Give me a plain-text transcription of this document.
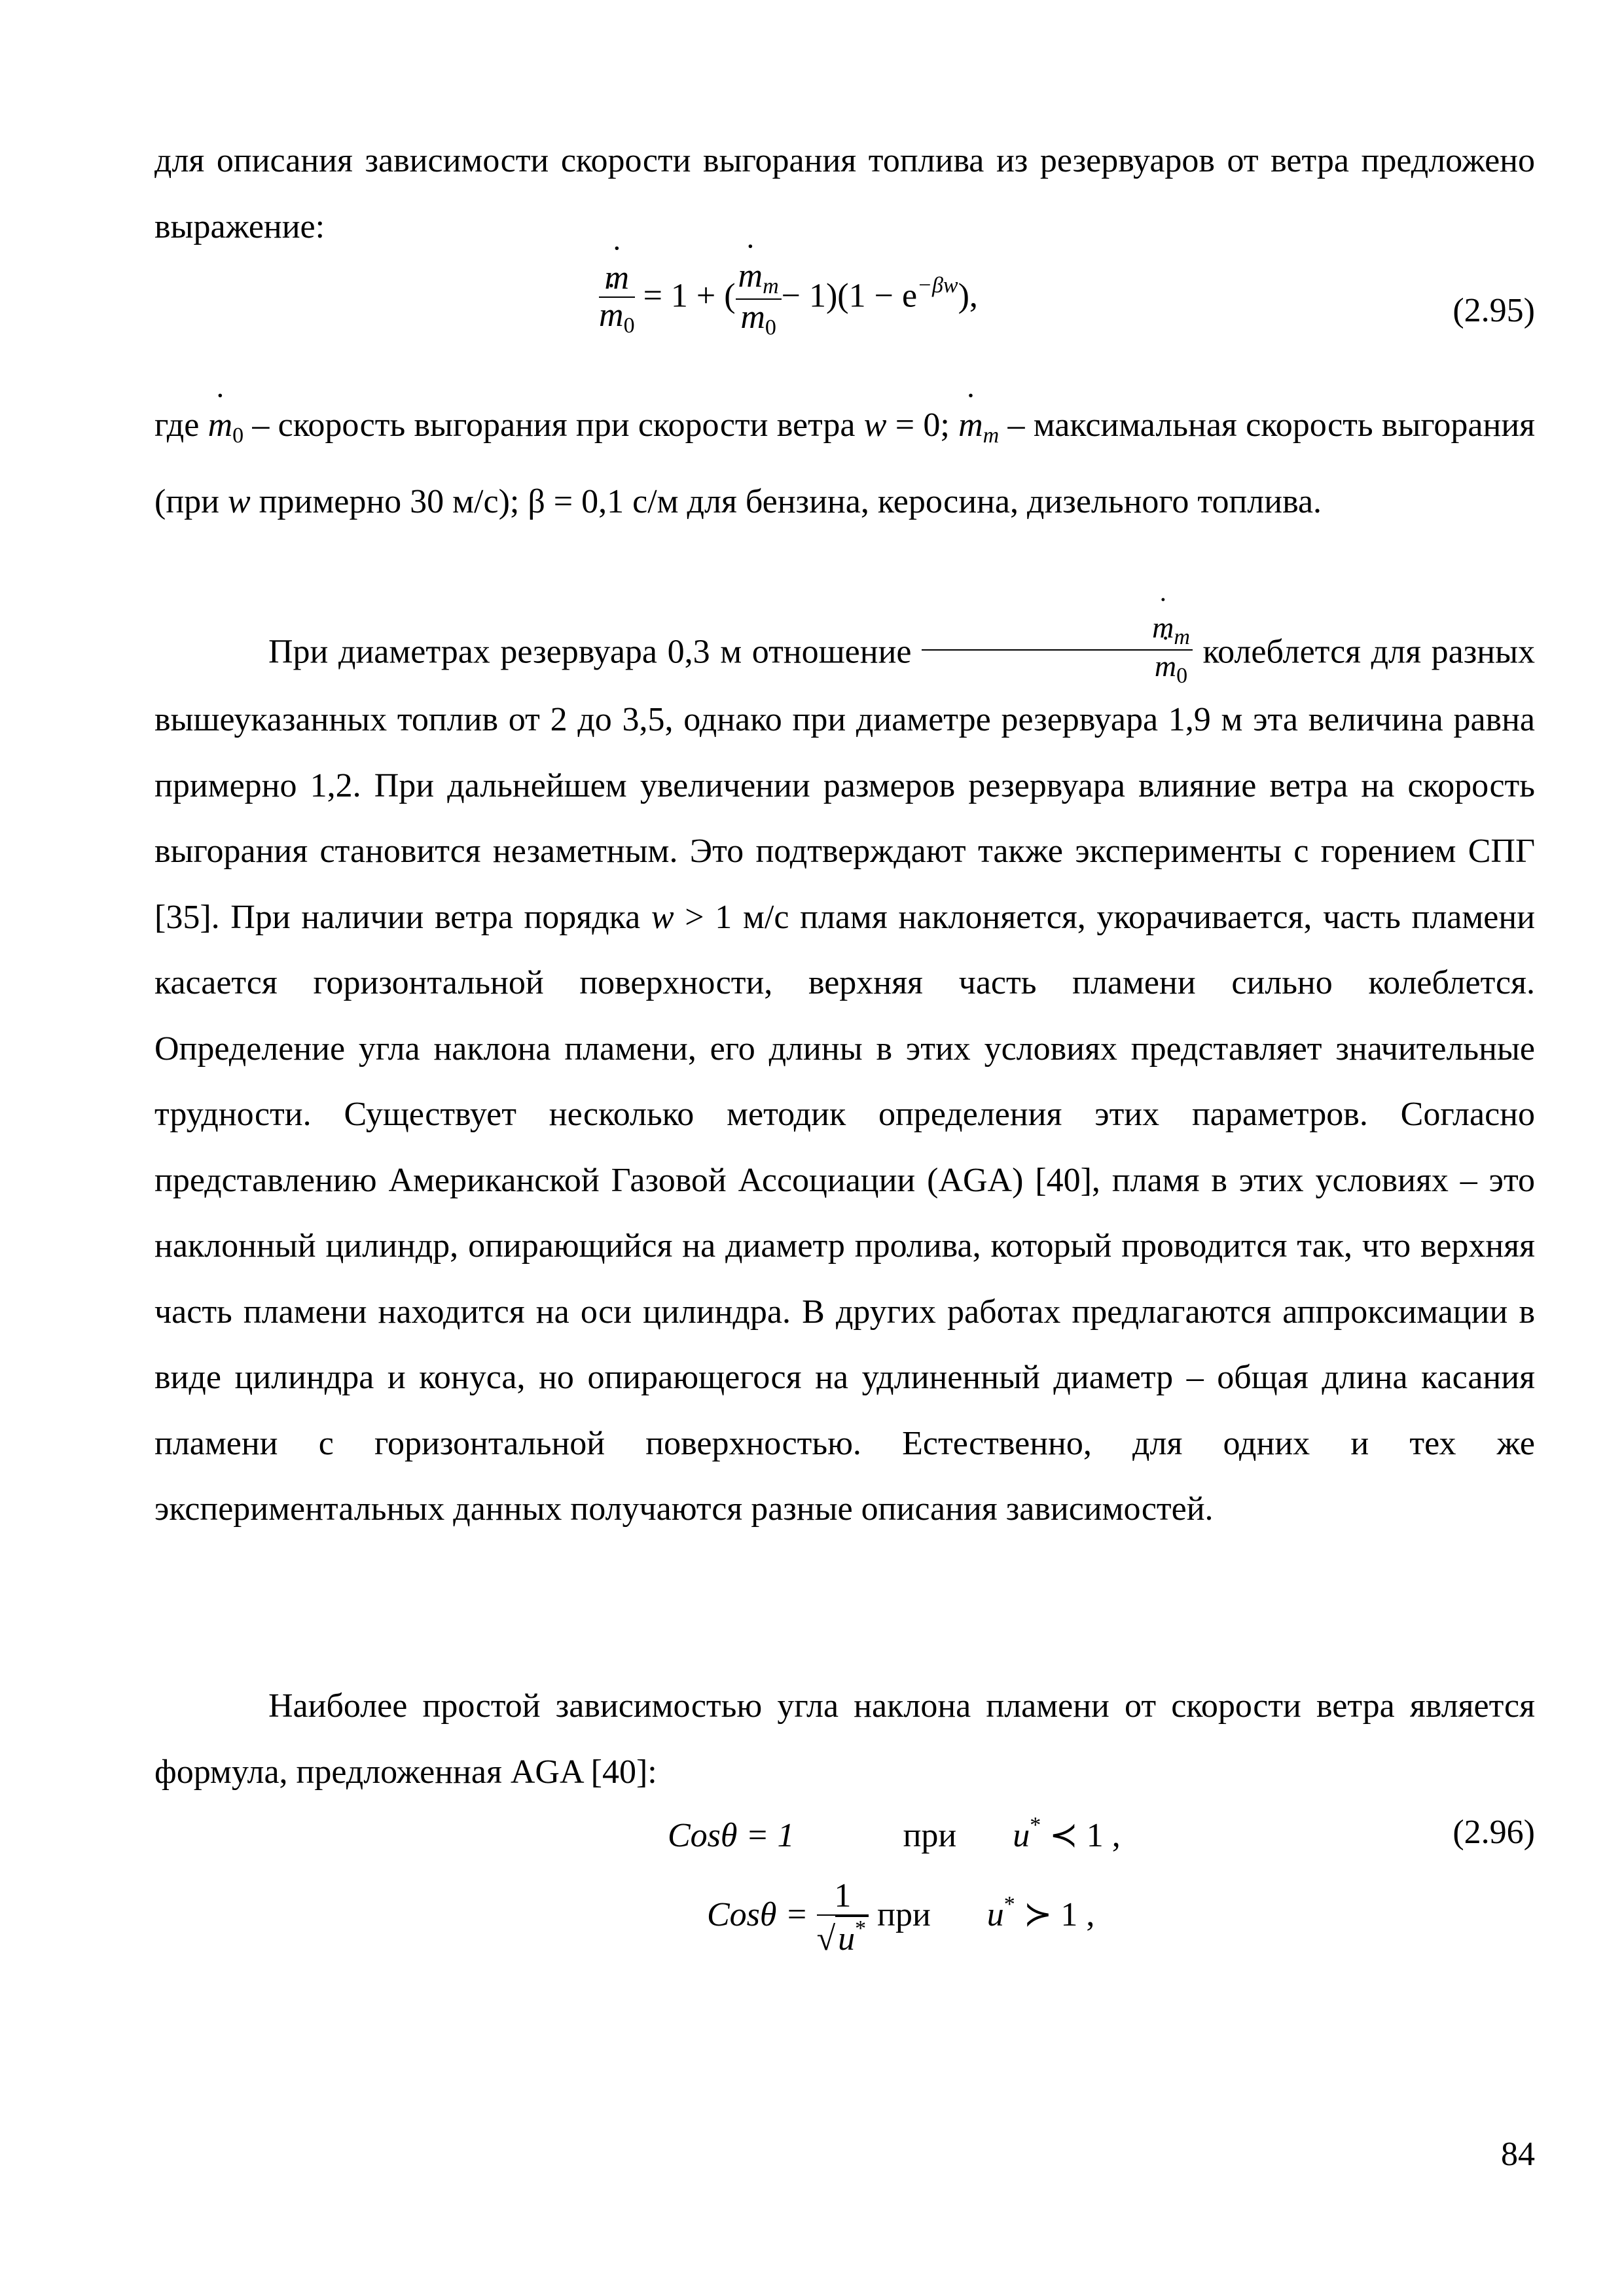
для описания зависимости скорости выгорания топлива из резервуаров от ветра предложено выражение:

˙ m
˙ $m_0 = 1$ + ( ˙ $\frac{m_m}{m_0} - 1)(1 - e^{-\beta w})$,	(2.95)

где ˙ $m_0$ – скорость выгорания при скорости ветра w = 0; ˙ $m_m$ – максимальная скорость выгорания (при w примерно 30 м/с); β = 0,1 с/м для бензина, керосина, дизельного топлива.

При диаметрах резервуара 0,3 м отношение ˙ $m_m$
˙ $m_0$ колеблется для разных вышеуказанных топлив от 2 до 3,5, однако при диаметре резервуара 1,9 м эта величина равна примерно 1,2. При дальнейшем увеличении размеров резервуара влияние ветра на скорость выгорания становится незаметным. Это подтверждают также эксперименты с горением СПГ [35]. При наличии ветра порядка w > 1 м/с пламя наклоняется, укорачивается, часть пламени касается горизонтальной поверхности, верхняя часть пламени сильно колеблется. Определение угла наклона пламени, его длины в этих условиях представляет значительные трудности. Существует несколько методик определения этих параметров. Согласно представлению Американской Газовой Ассоциации (AGA) [40], пламя в этих условиях – это наклонный цилиндр, опирающийся на диаметр пролива, который проводится так, что верхняя часть пламени находится на оси цилиндра. В других работах предлагаются аппроксимации в виде цилиндра и конуса, но опирающегося на удлиненный диаметр – общая длина касания пламени с горизонтальной поверхностью. Естественно, для одних и тех же экспериментальных данных получаются разные описания зависимостей.

Наиболее простой зависимостью угла наклона пламени от скорости ветра является формула, предложенная AGA [40]:

Cosθ = 1	при u* ≺ 1 ,	(2.96)
$Cos\theta = \frac{1}{√u^*}$ при u* ≻ 1 ,
84
